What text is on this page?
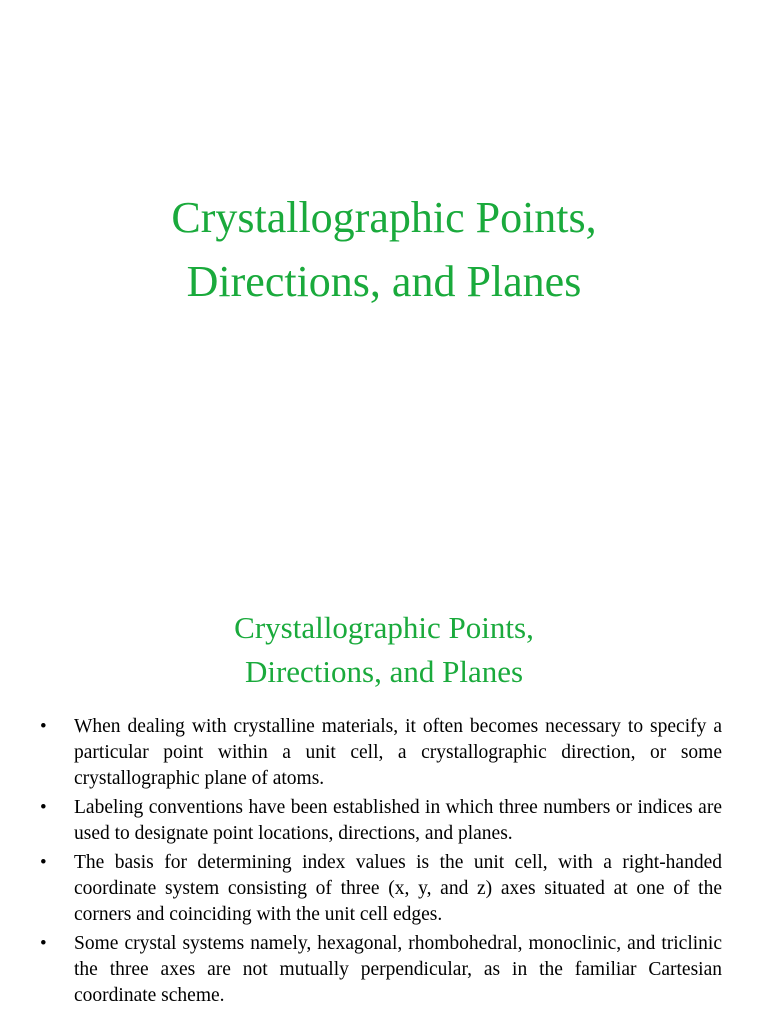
Crystallographic Points,
Directions, and Planes
Crystallographic Points,
Directions, and Planes
• When dealing with crystalline materials, it often becomes necessary to specify a particular point within a unit cell, a crystallographic direction, or some crystallographic plane of atoms.
• Labeling conventions have been established in which three numbers or indices are used to designate point locations, directions, and planes.
• The basis for determining index values is the unit cell, with a right-handed coordinate system consisting of three (x, y, and z) axes situated at one of the corners and coinciding with the unit cell edges.
• Some crystal systems namely, hexagonal, rhombohedral, monoclinic, and triclinic the three axes are not mutually perpendicular, as in the familiar Cartesian coordinate scheme.
